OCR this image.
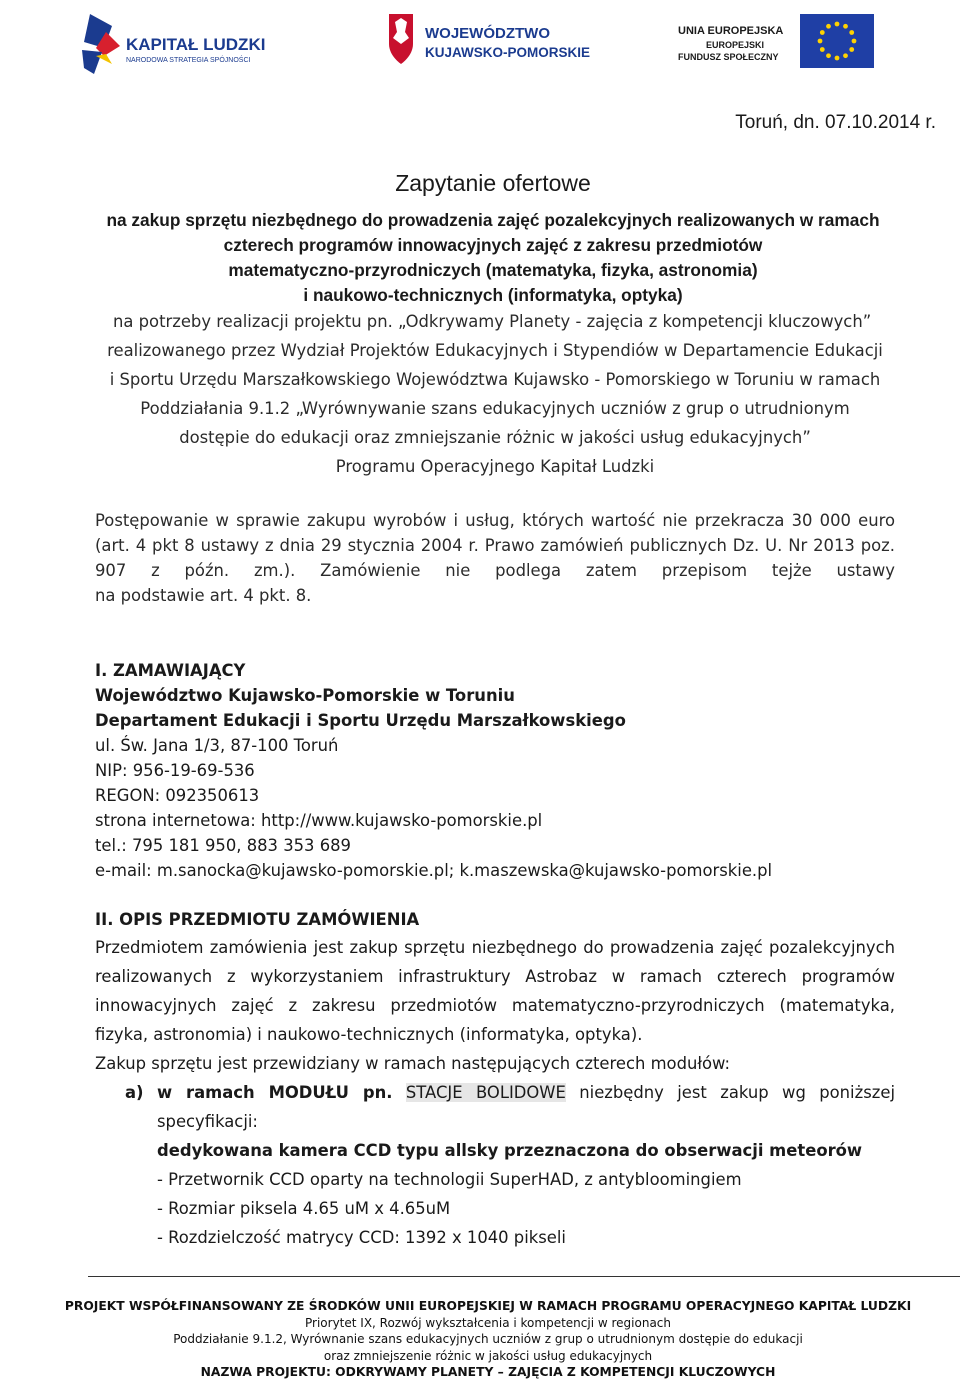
KAPITAŁ LUDZKI
NARODOWA STRATEGIA SPÓJNOŚCI
WOJEWÓDZTWO
KUJAWSKO-POMORSKIE
UNIA EUROPEJSKA
EUROPEJSKI
FUNDUSZ SPOŁECZNY
Toruń, dn. 07.10.2014 r.
Zapytanie ofertowe
na zakup sprzętu niezbędnego do prowadzenia zajęć pozalekcyjnych realizowanych w ramach
czterech programów innowacyjnych zajęć z zakresu przedmiotów
matematyczno-przyrodniczych (matematyka, fizyka, astronomia)
i naukowo-technicznych (informatyka, optyka)
na potrzeby realizacji projektu pn. „Odkrywamy Planety - zajęcia z kompetencji kluczowych”
realizowanego przez Wydział Projektów Edukacyjnych i Stypendiów w Departamencie Edukacji
i Sportu Urzędu Marszałkowskiego Województwa Kujawsko - Pomorskiego w Toruniu w ramach
Poddziałania 9.1.2 „Wyrównywanie szans edukacyjnych uczniów z grup o utrudnionym
dostępie do edukacji oraz zmniejszanie różnic w jakości usług edukacyjnych”
Programu Operacyjnego Kapitał Ludzki
Postępowanie w sprawie zakupu wyrobów i usług, których wartość nie przekracza 30 000 euro
(art. 4 pkt 8 ustawy z dnia 29 stycznia 2004 r. Prawo zamówień publicznych Dz. U. Nr 2013 poz.
907 z późn. zm.). Zamówienie nie podlega zatem przepisom tejże ustawy
na podstawie art. 4 pkt. 8.
I. ZAMAWIAJĄCY
Województwo Kujawsko-Pomorskie w Toruniu
Departament Edukacji i Sportu Urzędu Marszałkowskiego
ul. Św. Jana 1/3, 87-100 Toruń
NIP: 956-19-69-536
REGON: 092350613
strona internetowa: http://www.kujawsko-pomorskie.pl
tel.: 795 181 950, 883 353 689
e-mail: m.sanocka@kujawsko-pomorskie.pl; k.maszewska@kujawsko-pomorskie.pl
II. OPIS PRZEDMIOTU ZAMÓWIENIA
Przedmiotem zamówienia jest zakup sprzętu niezbędnego do prowadzenia zajęć pozalekcyjnych
realizowanych z wykorzystaniem infrastruktury Astrobaz w ramach czterech programów
innowacyjnych zajęć z zakresu przedmiotów matematyczno-przyrodniczych (matematyka,
fizyka, astronomia) i naukowo-technicznych (informatyka, optyka).
Zakup sprzętu jest przewidziany w ramach następujących czterech modułów:
a) w ramach MODUŁU pn. STACJE BOLIDOWE niezbędny jest zakup wg poniższej
specyfikacji:
dedykowana kamera CCD typu allsky przeznaczona do obserwacji meteorów
- Przetwornik CCD oparty na technologii SuperHAD, z antybloomingiem
- Rozmiar piksela 4.65 uM x 4.65uM
- Rozdzielczość matrycy CCD: 1392 x 1040 pikseli
PROJEKT WSPÓŁFINANSOWANY ZE ŚRODKÓW UNII EUROPEJSKIEJ W RAMACH PROGRAMU OPERACYJNEGO KAPITAŁ LUDZKI
Priorytet IX, Rozwój wykształcenia i kompetencji w regionach
Poddziałanie 9.1.2, Wyrównanie szans edukacyjnych uczniów z grup o utrudnionym dostępie do edukacji
oraz zmniejszenie różnic w jakości usług edukacyjnych
NAZWA PROJEKTU: ODKRYWAMY PLANETY – ZAJĘCIA Z KOMPETENCJI KLUCZOWYCH
